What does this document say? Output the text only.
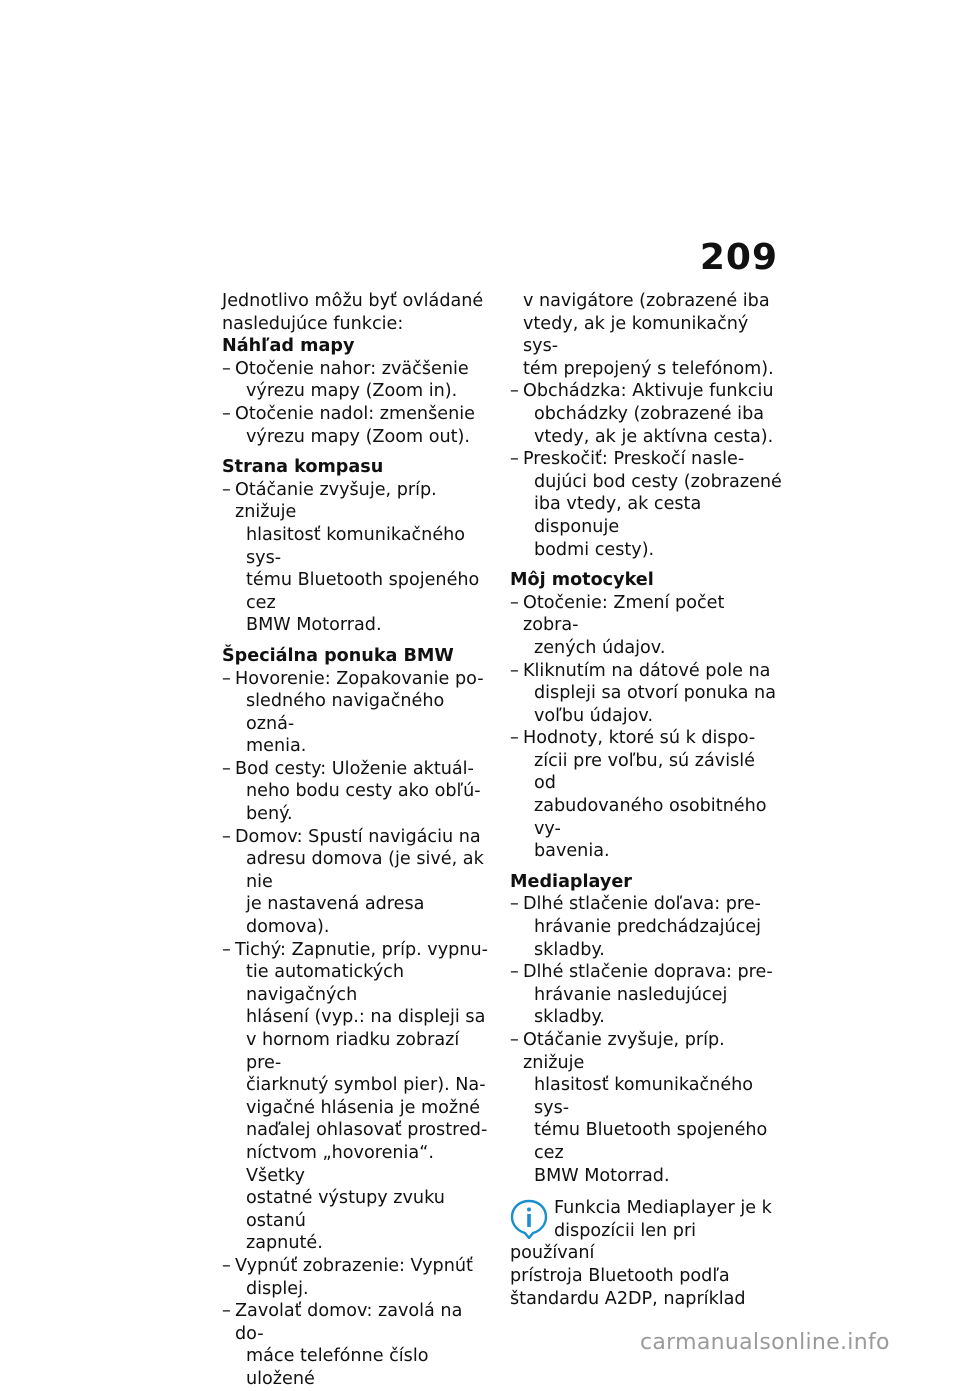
209

Jednotlivo môžu byť ovládané

nasledujúce funkcie:

Náhľad mapy

– Otočenie nahor: zväčšenie
výrezu mapy (Zoom in).
– Otočenie nadol: zmenšenie
výrezu mapy (Zoom out).

Strana kompasu

– Otáčanie zvyšuje, príp. znižuje
hlasitosť komunikačného sys-
tému Bluetooth spojeného cez
BMW Motorrad.

Špeciálna ponuka BMW

– Hovorenie: Zopakovanie po-
sledného navigačného ozná-
menia.
– Bod cesty: Uloženie aktuál-
neho bodu cesty ako obľú-
bený.
– Domov: Spustí navigáciu na
adresu domova (je sivé, ak nie
je nastavená adresa domova).
– Tichý: Zapnutie, príp. vypnu-
tie automatických navigačných
hlásení (vyp.: na displeji sa
v hornom riadku zobrazí pre-
čiarknutý symbol pier). Na-
vigačné hlásenia je možné
naďalej ohlasovať prostred-
níctvom „hovorenia“. Všetky
ostatné výstupy zvuku ostanú
zapnuté.
– Vypnúť zobrazenie: Vypnúť
displej.
– Zavolať domov: zavolá na do-
máce telefónne číslo uložené
v navigátore (zobrazené iba
vtedy, ak je komunikačný sys-
tém prepojený s telefónom).
– Obchádzka: Aktivuje funkciu
obchádzky (zobrazené iba
vtedy, ak je aktívna cesta).
– Preskočiť: Preskočí nasle-
dujúci bod cesty (zobrazené
iba vtedy, ak cesta disponuje
bodmi cesty).

Môj motocykel

– Otočenie: Zmení počet zobra-
zených údajov.
– Kliknutím na dátové pole na
displeji sa otvorí ponuka na
voľbu údajov.
– Hodnoty, ktoré sú k dispo-
zícii pre voľbu, sú závislé od
zabudovaného osobitného vy-
bavenia.

Mediaplayer

– Dlhé stlačenie doľava: pre-
hrávanie predchádzajúcej
skladby.
– Dlhé stlačenie doprava: pre-
hrávanie nasledujúcej skladby.
– Otáčanie zvyšuje, príp. znižuje
hlasitosť komunikačného sys-
tému Bluetooth spojeného cez
BMW Motorrad.
Funkcia Mediaplayer je k
dispozícii len pri používaní
prístroja Bluetooth podľa
štandardu A2DP, napríklad
carmanualsonline.info
